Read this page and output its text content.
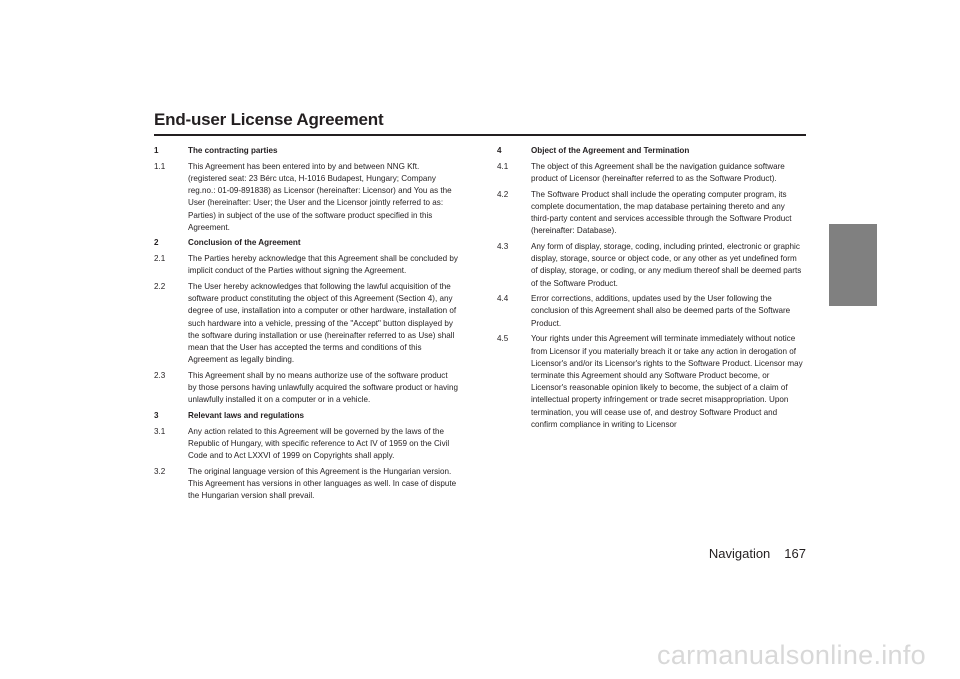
End-user License Agreement
1	The contracting parties
1.1	This Agreement has been entered into by and between NNG Kft. (registered seat: 23 Bérc utca, H-1016 Budapest, Hungary; Company reg.no.: 01-09-891838) as Licensor (hereinafter: Licensor) and You as the User (hereinafter: User; the User and the Licensor jointly referred to as: Parties) in subject of the use of the software product specified in this Agreement.
2	Conclusion of the Agreement
2.1	The Parties hereby acknowledge that this Agreement shall be concluded by implicit conduct of the Parties without signing the Agreement.
2.2	The User hereby acknowledges that following the lawful acquisition of the software product constituting the object of this Agreement (Section 4), any degree of use, installation into a computer or other hardware, installation of such hardware into a vehicle, pressing of the "Accept" button displayed by the software during installation or use (hereinafter referred to as Use) shall mean that the User has accepted the terms and conditions of this Agreement as legally binding.
2.3	This Agreement shall by no means authorize use of the software product by those persons having unlawfully acquired the software product or having unlawfully installed it on a computer or in a vehicle.
3	Relevant laws and regulations
3.1	Any action related to this Agreement will be governed by the laws of the Republic of Hungary, with specific reference to Act IV of 1959 on the Civil Code and to Act LXXVI of 1999 on Copyrights shall apply.
3.2	The original language version of this Agreement is the Hungarian version. This Agreement has versions in other languages as well. In case of dispute the Hungarian version shall prevail.
4	Object of the Agreement and Termination
4.1	The object of this Agreement shall be the navigation guidance software product of Licensor (hereinafter referred to as the Software Product).
4.2	The Software Product shall include the operating computer program, its complete documentation, the map database pertaining thereto and any third-party content and services accessible through the Software Product (hereinafter: Database).
4.3	Any form of display, storage, coding, including printed, electronic or graphic display, storage, source or object code, or any other as yet undefined form of display, storage, or coding, or any medium thereof shall be deemed parts of the Software Product.
4.4	Error corrections, additions, updates used by the User following the conclusion of this Agreement shall also be deemed parts of the Software Product.
4.5	Your rights under this Agreement will terminate immediately without notice from Licensor if you materially breach it or take any action in derogation of Licensor's and/or its Licensor's rights to the Software Product. Licensor may terminate this Agreement should any Software Product become, or Licensor's reasonable opinion likely to become, the subject of a claim of intellectual property infringement or trade secret misappropriation. Upon termination, you will cease use of, and destroy Software Product and confirm compliance in writing to Licensor
Navigation 167
carmanualsonline.info
